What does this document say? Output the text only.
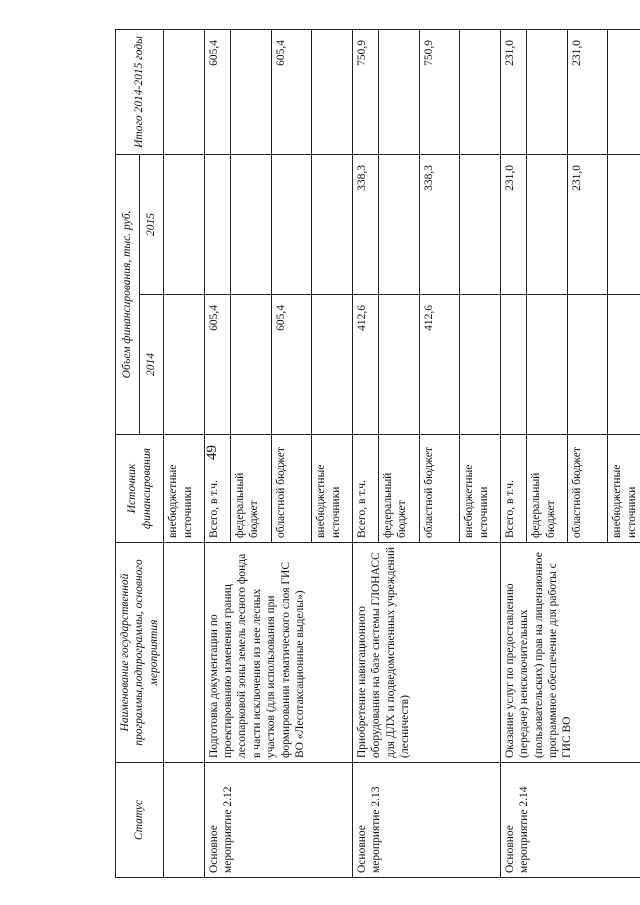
49
Статус	Наименование государственной программы,подпрограммы, основного мероприятия	Источник финансирования	Объем финансирования, тыс. руб.		Итого 2014-2015 годы
			2014	2015	
		внебюджетные источники			
Основное мероприятие 2.12	Подготовка документации по проектированию изменения границ лесопарковой зоны земель лесного фонда в части исключения из нее лесных участков (для использования при формировании тематического слоя ГИС ВО «Лесотаксационные выделы»)	Всего, в т.ч.	605,4		605,4
		федеральный бюджет			
		областной бюджет	605,4		605,4
		внебюджетные источники			
Основное мероприятие 2.13	Приобретение навигационного оборудования на базе системы ГЛОНАСС для ДЛХ и подведомственных учреждений (лесничеств)	Всего, в т.ч.	412,6	338,3	750,9
		федеральный бюджет			
		областной бюджет	412,6	338,3	750,9
		внебюджетные источники			
Основное мероприятие 2.14	Оказание услуг по предоставлению (передаче) неисключительных (пользовательских) прав на лицензионное программное обеспечение для работы с ГИС ВО	Всего, в т.ч.		231,0	231,0
		федеральный бюджет			
		областной бюджет		231,0	231,0
		внебюджетные источники			
